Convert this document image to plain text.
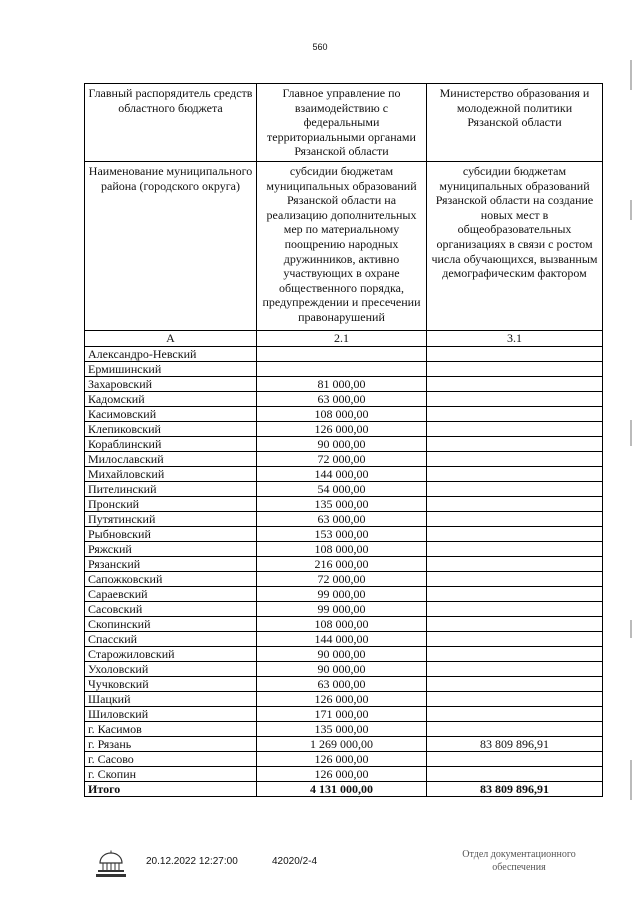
560
Главный распорядитель средств областного бюджета	Главное управление по взаимодействию с федеральными территориальными органами Рязанской области	Министерство образования и молодежной политики Рязанской области
Наименование муниципального района (городского округа)	субсидии бюджетам муниципальных образований Рязанской области на реализацию дополнительных мер по материальному поощрению народных дружинников, активно участвующих в охране общественного порядка, предупреждении и пресечении правонарушений	субсидии бюджетам муниципальных образований Рязанской области на создание новых мест в общеобразовательных организациях в связи с ростом числа обучающихся, вызванным демографическим фактором
А	2.1	3.1
Александро-Невский		
Ермишинский		
Захаровский	81 000,00	
Кадомский	63 000,00	
Касимовский	108 000,00	
Клепиковский	126 000,00	
Кораблинский	90 000,00	
Милославский	72 000,00	
Михайловский	144 000,00	
Пителинский	54 000,00	
Пронский	135 000,00	
Путятинский	63 000,00	
Рыбновский	153 000,00	
Ряжский	108 000,00	
Рязанский	216 000,00	
Сапожковский	72 000,00	
Сараевский	99 000,00	
Сасовский	99 000,00	
Скопинский	108 000,00	
Спасский	144 000,00	
Старожиловский	90 000,00	
Ухоловский	90 000,00	
Чучковский	63 000,00	
Шацкий	126 000,00	
Шиловский	171 000,00	
г. Касимов	135 000,00	
г. Рязань	1 269 000,00	83 809 896,91
г. Сасово	126 000,00	
г. Скопин	126 000,00	
Итого	4 131 000,00	83 809 896,91
20.12.2022 12:27:00	42020/2-4
Отдел документационного
обеспечения
